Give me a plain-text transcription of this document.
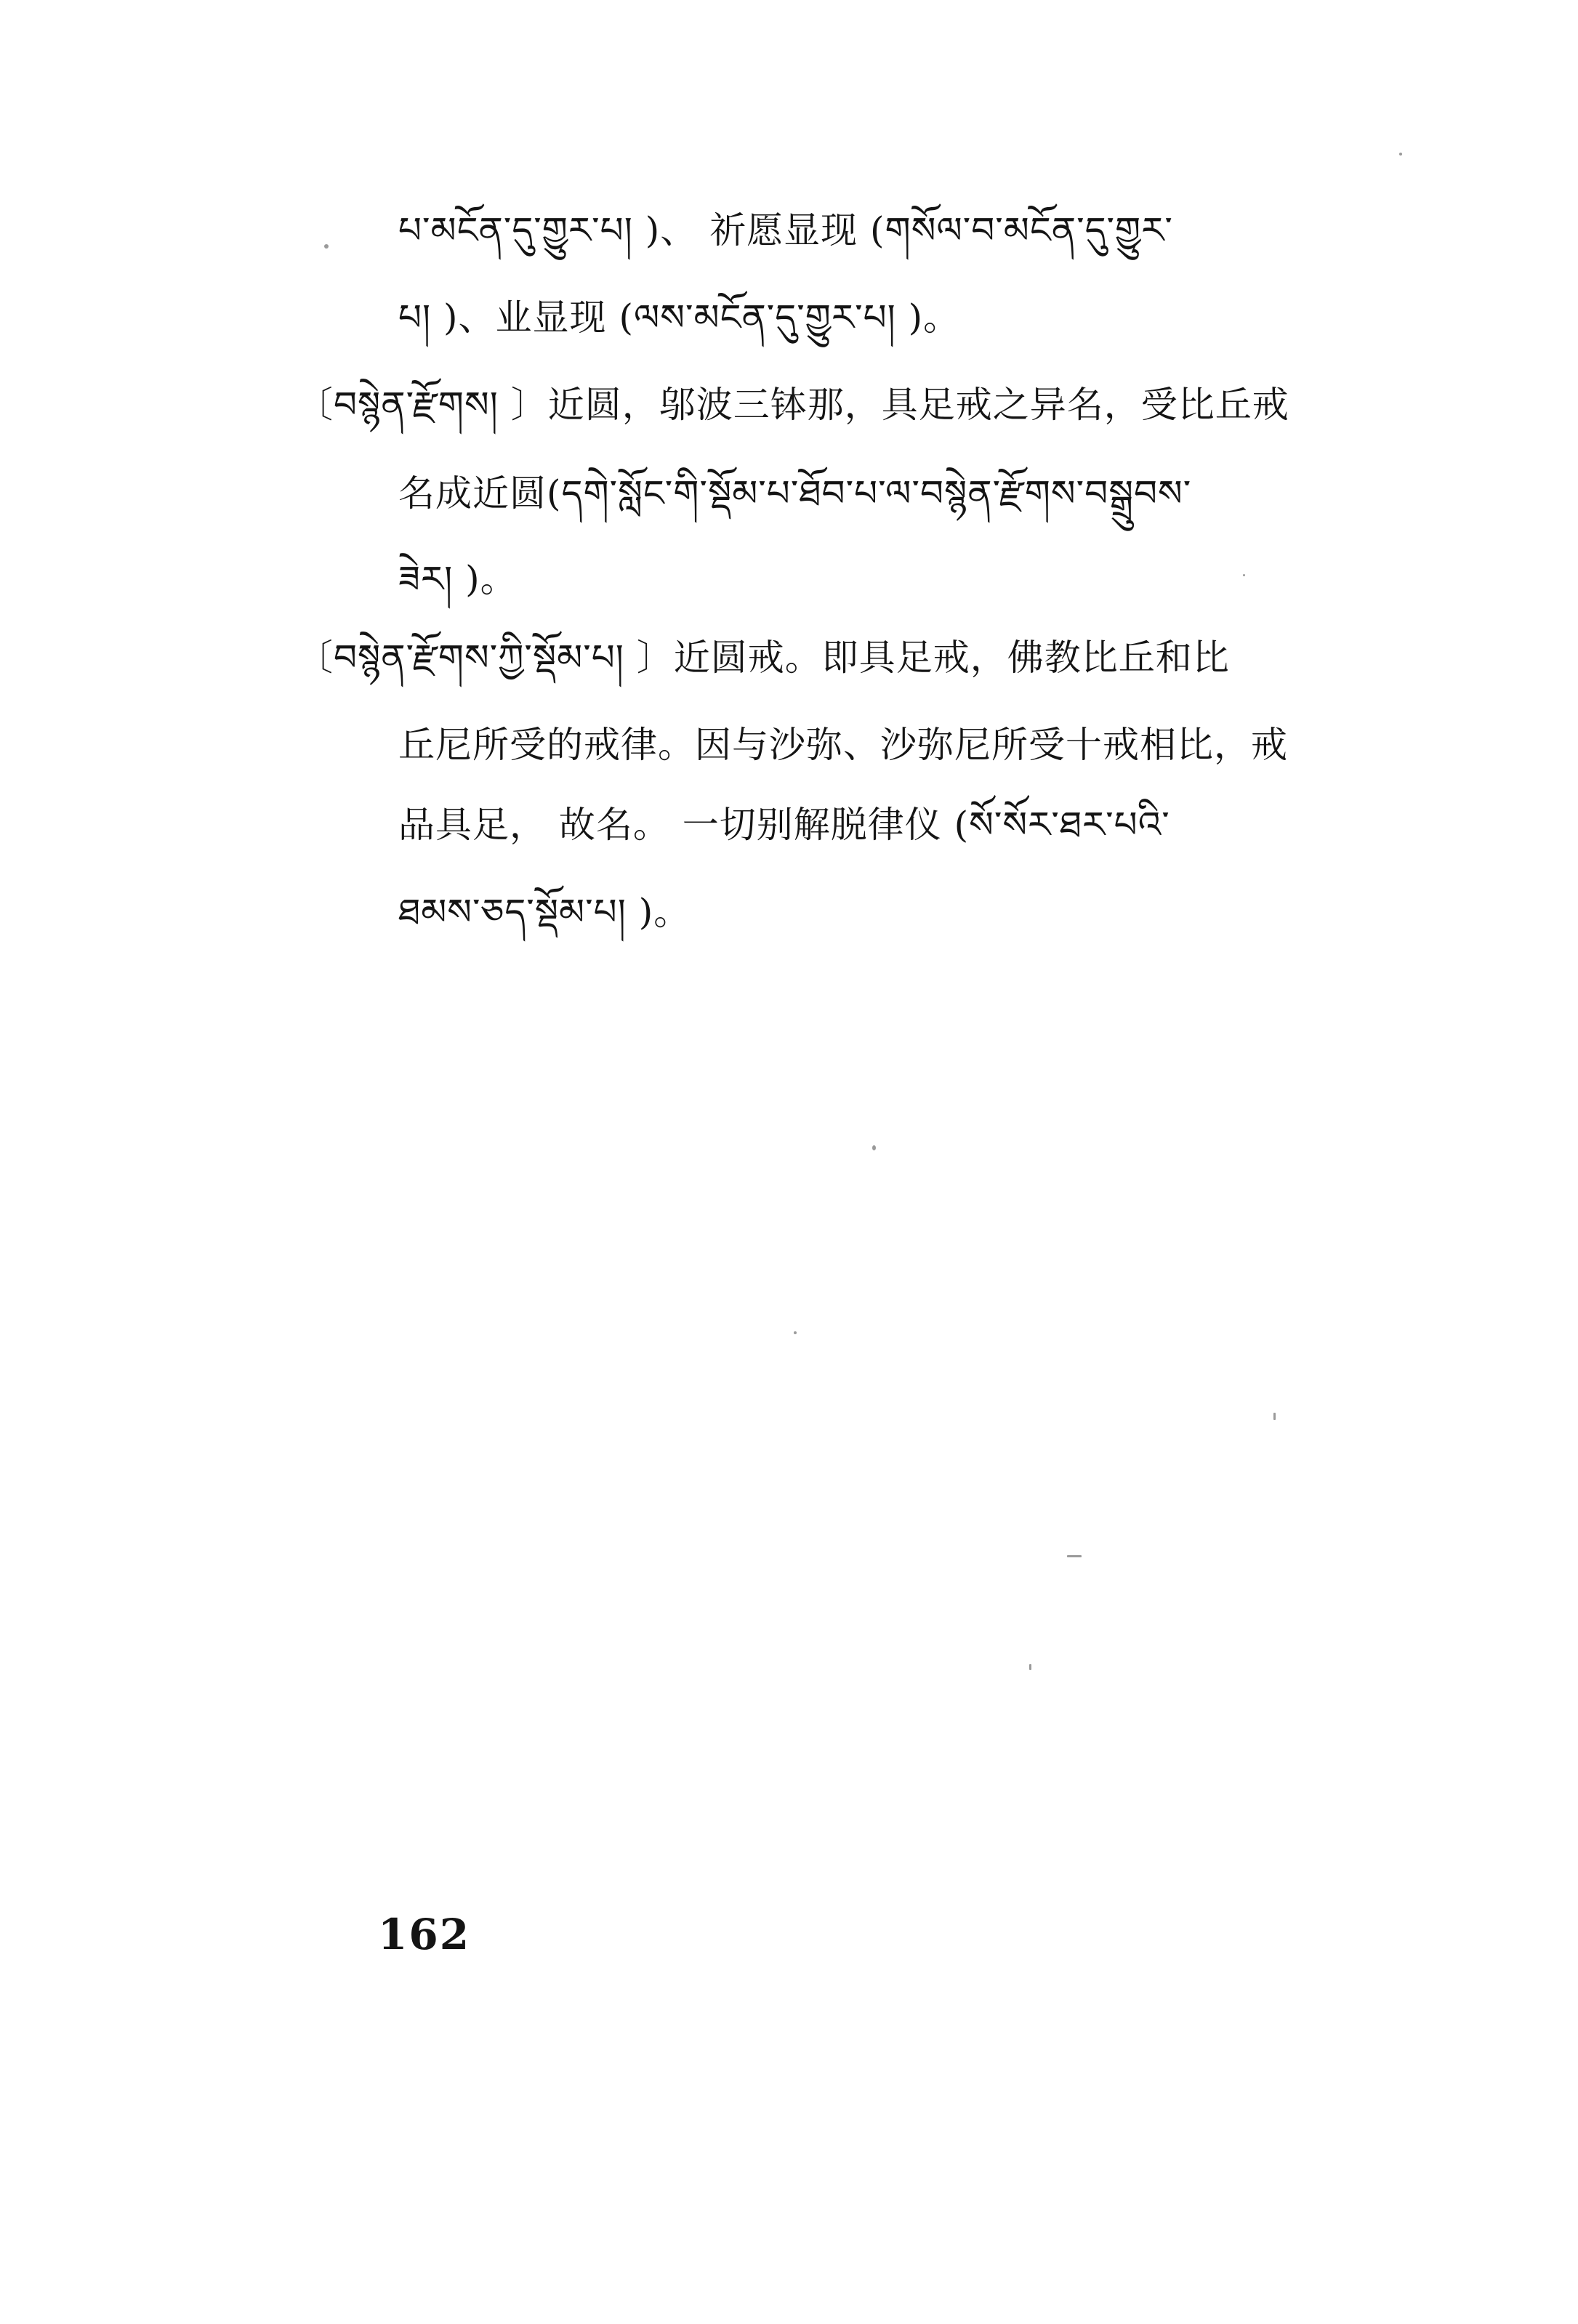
པ་མངོན་དུ་གྱུར་པ། )、 祈愿显现 (གསོལ་བ་མངོན་དུ་གྱུར་
པ། )、业显现 (ལས་མངོན་དུ་གྱུར་པ། )。
〔བསྙེན་རྫོགས། 〕近圆，邬波三钵那，具足戒之异名，受比丘戒
名成近圆(དགེ་སློང་གི་སྡོམ་པ་ཐོབ་པ་ལ་བསྙེན་རྫོགས་བསྒྲུབས་
ཟེར། )。
〔བསྙེན་རྫོགས་ཀྱི་སྡོམ་པ། 〕近圆戒。即具足戒，佛教比丘和比
丘尼所受的戒律。因与沙弥、沙弥尼所受十戒相比，戒
品具足， 故名。 一切别解脱律仪 (སོ་སོར་ཐར་པའི་
ཐམས་ཅད་སྡོམ་པ། )。
162
